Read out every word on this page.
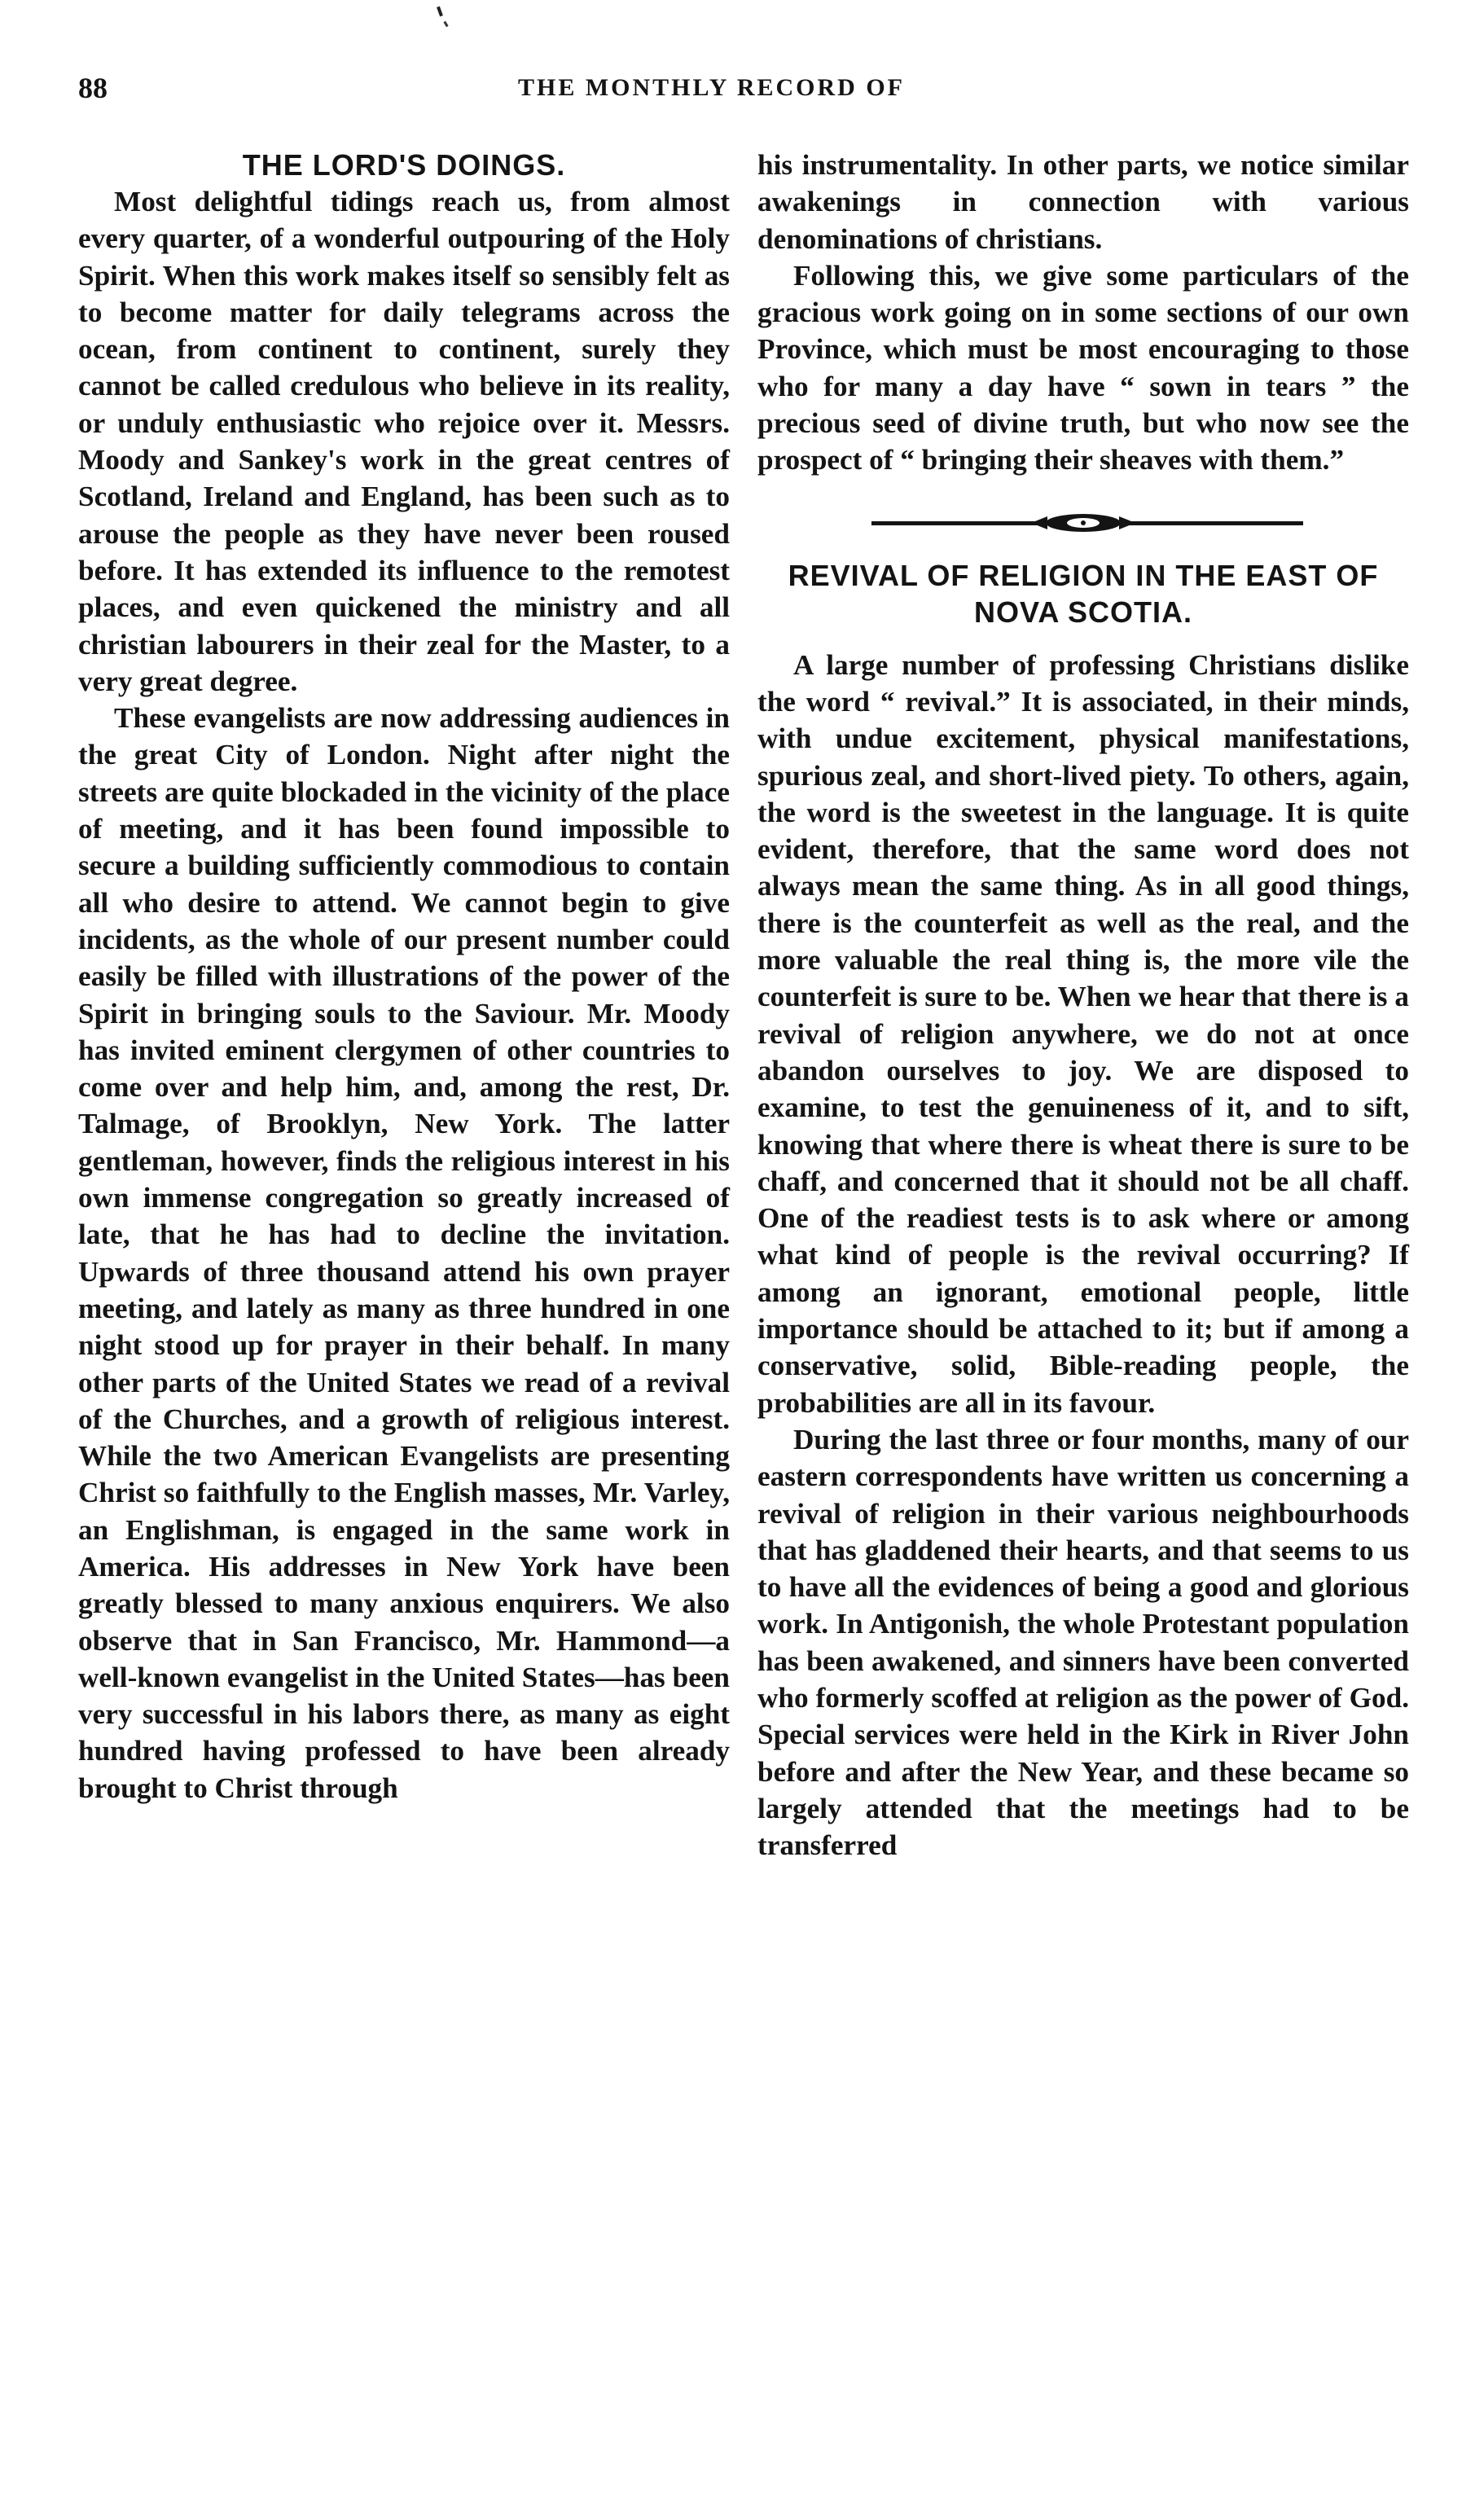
88	THE MONTHLY RECORD OF
THE LORD'S DOINGS.

Most delightful tidings reach us, from almost every quarter, of a wonderful outpouring of the Holy Spirit. When this work makes itself so sensibly felt as to become matter for daily telegrams across the ocean, from continent to continent, surely they cannot be called credulous who believe in its reality, or unduly enthusiastic who rejoice over it. Messrs. Moody and Sankey's work in the great centres of Scotland, Ireland and England, has been such as to arouse the people as they have never been roused before. It has extended its influence to the remotest places, and even quickened the ministry and all christian labourers in their zeal for the Master, to a very great degree.

These evangelists are now addressing audiences in the great City of London. Night after night the streets are quite blockaded in the vicinity of the place of meeting, and it has been found impossible to secure a building sufficiently commodious to contain all who desire to attend. We cannot begin to give incidents, as the whole of our present number could easily be filled with illustrations of the power of the Spirit in bringing souls to the Saviour. Mr. Moody has invited eminent clergymen of other countries to come over and help him, and, among the rest, Dr. Talmage, of Brooklyn, New York. The latter gentleman, however, finds the religious interest in his own immense congregation so greatly increased of late, that he has had to decline the invitation. Upwards of three thousand attend his own prayer meeting, and lately as many as three hundred in one night stood up for prayer in their behalf. In many other parts of the United States we read of a revival of the Churches, and a growth of religious interest. While the two American Evangelists are presenting Christ so faithfully to the English masses, Mr. Varley, an Englishman, is engaged in the same work in America. His addresses in New York have been greatly blessed to many anxious enquirers. We also observe that in San Francisco, Mr. Hammond—a well-known evangelist in the United States—has been very successful in his labors there, as many as eight hundred having professed to have been already brought to Christ through

his instrumentality. In other parts, we notice similar awakenings in connection with various denominations of christians.

Following this, we give some particulars of the gracious work going on in some sections of our own Province, which must be most encouraging to those who for many a day have “ sown in tears ” the precious seed of divine truth, but who now see the prospect of “ bringing their sheaves with them.”

REVIVAL OF RELIGION IN THE EAST OF NOVA SCOTIA.

A large number of professing Christians dislike the word “ revival.” It is associated, in their minds, with undue excitement, physical manifestations, spurious zeal, and short-lived piety. To others, again, the word is the sweetest in the language. It is quite evident, therefore, that the same word does not always mean the same thing. As in all good things, there is the counterfeit as well as the real, and the more valuable the real thing is, the more vile the counterfeit is sure to be. When we hear that there is a revival of religion anywhere, we do not at once abandon ourselves to joy. We are disposed to examine, to test the genuineness of it, and to sift, knowing that where there is wheat there is sure to be chaff, and concerned that it should not be all chaff. One of the readiest tests is to ask where or among what kind of people is the revival occurring? If among an ignorant, emotional people, little importance should be attached to it; but if among a conservative, solid, Bible-reading people, the probabilities are all in its favour.

During the last three or four months, many of our eastern correspondents have written us concerning a revival of religion in their various neighbourhoods that has gladdened their hearts, and that seems to us to have all the evidences of being a good and glorious work. In Antigonish, the whole Protestant population has been awakened, and sinners have been converted who formerly scoffed at religion as the power of God. Special services were held in the Kirk in River John before and after the New Year, and these became so largely attended that the meetings had to be transferred
